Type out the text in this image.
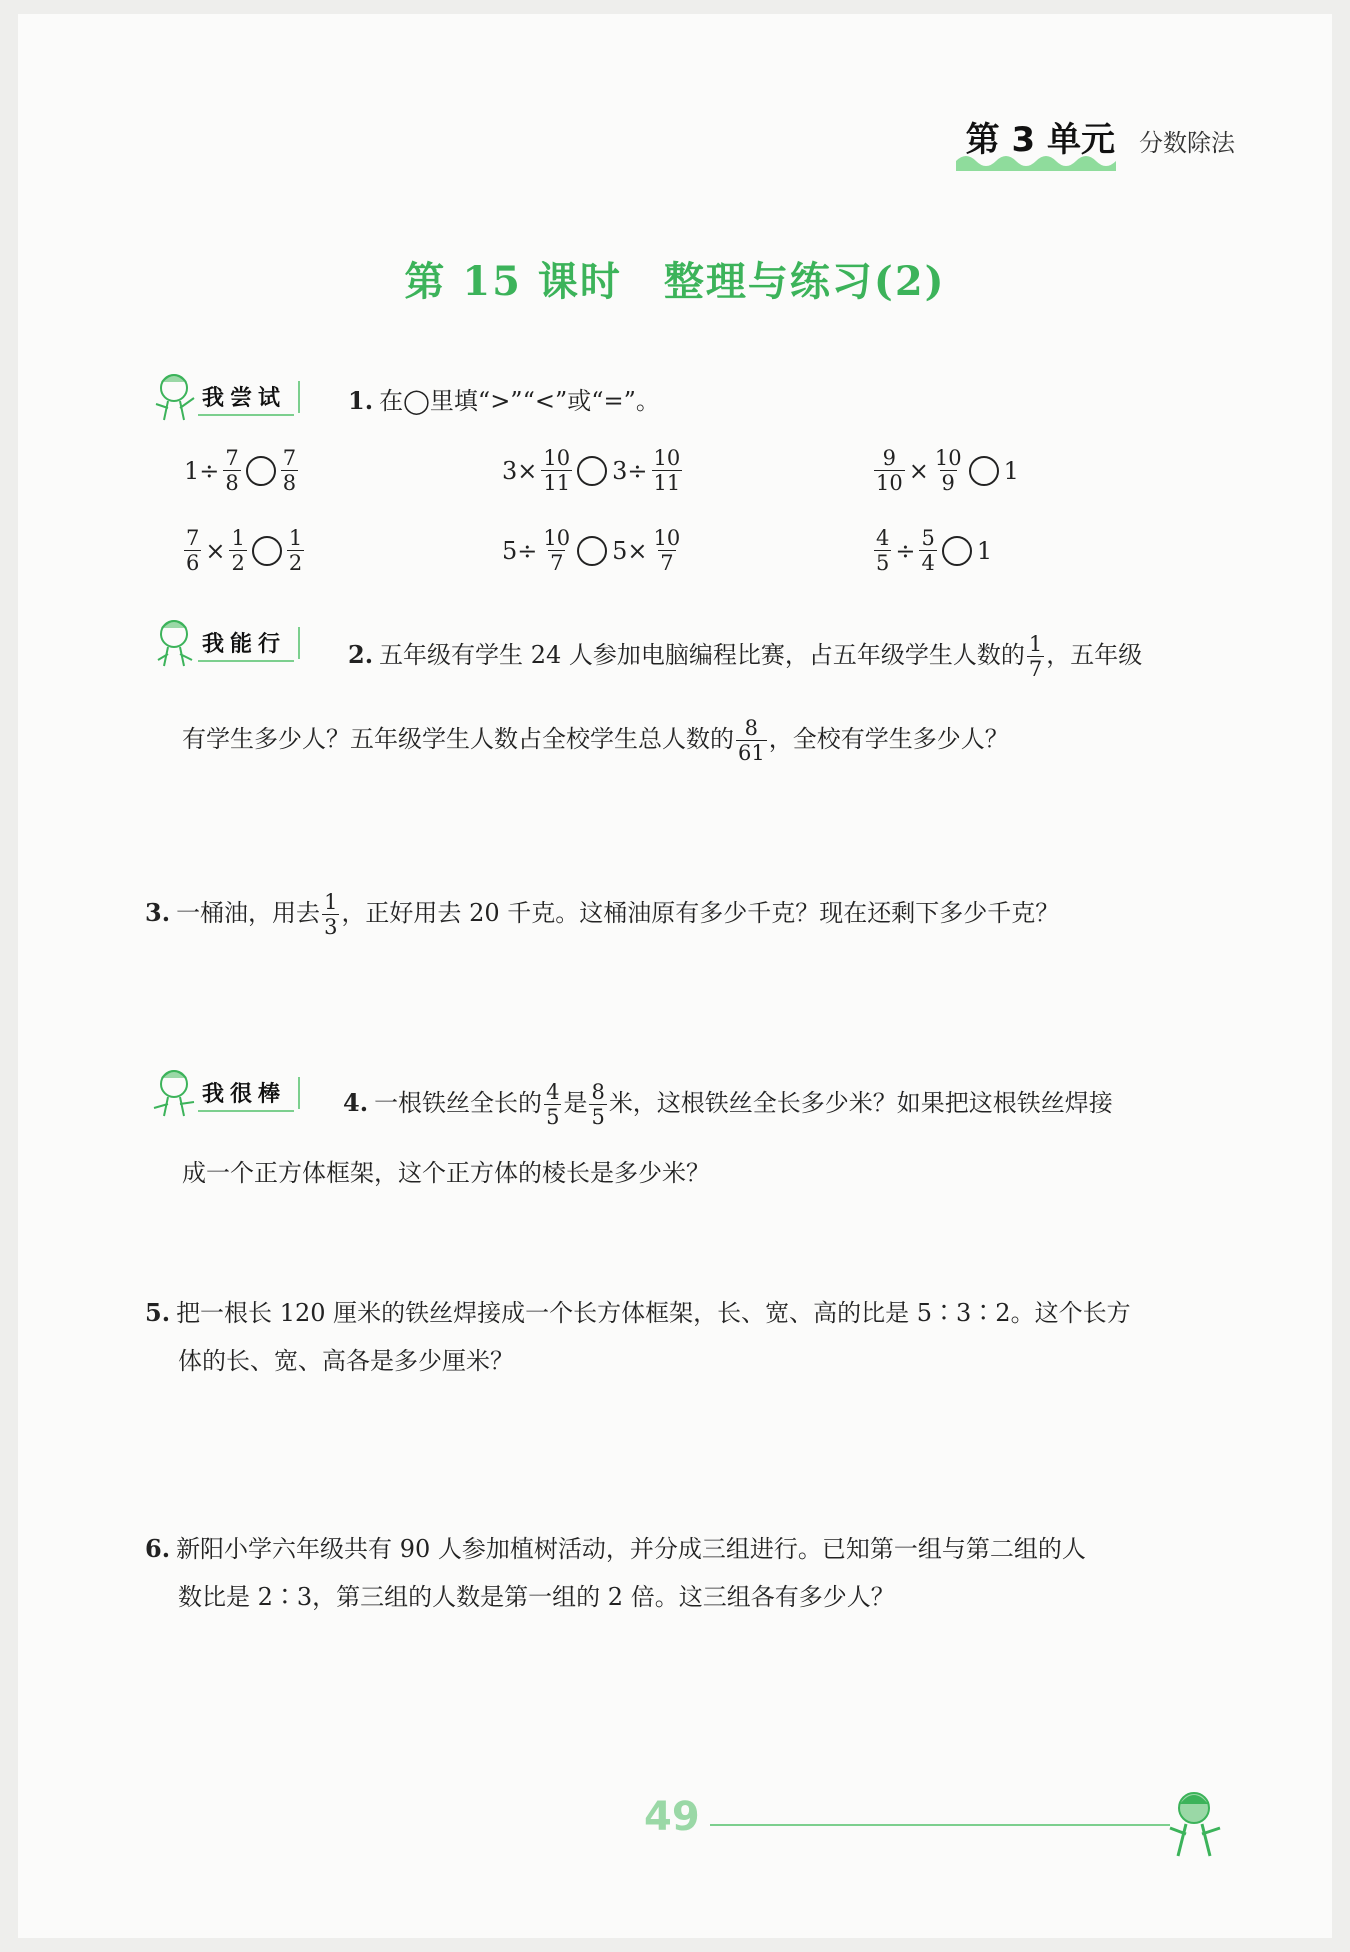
第 3 单元 分数除法
第 15 课时　整理与练习(2)
我尝试	1. 在◯里填“>”“<”或“=”。
$1\div \frac{7}{8} \frac{7}{8}$	$3\times \frac{10}{11} 3\div \frac{10}{11}$	$\frac{9}{10} \times \frac{10}{9} 1$
$\frac{7}{6} \times \frac{1}{2} \frac{1}{2}$	$5\div \frac{10}{7} 5\times \frac{10}{7}$	$\frac{4}{5} \div \frac{5}{4} 1$
我能行	2. 五年级有学生 24 人参加电脑编程比赛，占五年级学生人数的 $\frac{1}{7}$ ，五年级
有学生多少人？五年级学生人数占全校学生总人数的 $\frac{8}{61}$ ，全校有学生多少人？
3. 一桶油，用去 $\frac{1}{3}$ ，正好用去 20 千克。这桶油原有多少千克？现在还剩下多少千克？
我很棒	4. 一根铁丝全长的 $\frac{4}{5}$ 是 $\frac{8}{5}$ 米，这根铁丝全长多少米？如果把这根铁丝焊接
成一个正方体框架，这个正方体的棱长是多少米？
5. 把一根长 120 厘米的铁丝焊接成一个长方体框架，长、宽、高的比是 5∶3∶2。这个长方
体的长、宽、高各是多少厘米？
6. 新阳小学六年级共有 90 人参加植树活动，并分成三组进行。已知第一组与第二组的人
数比是 2∶3，第三组的人数是第一组的 2 倍。这三组各有多少人？
49
